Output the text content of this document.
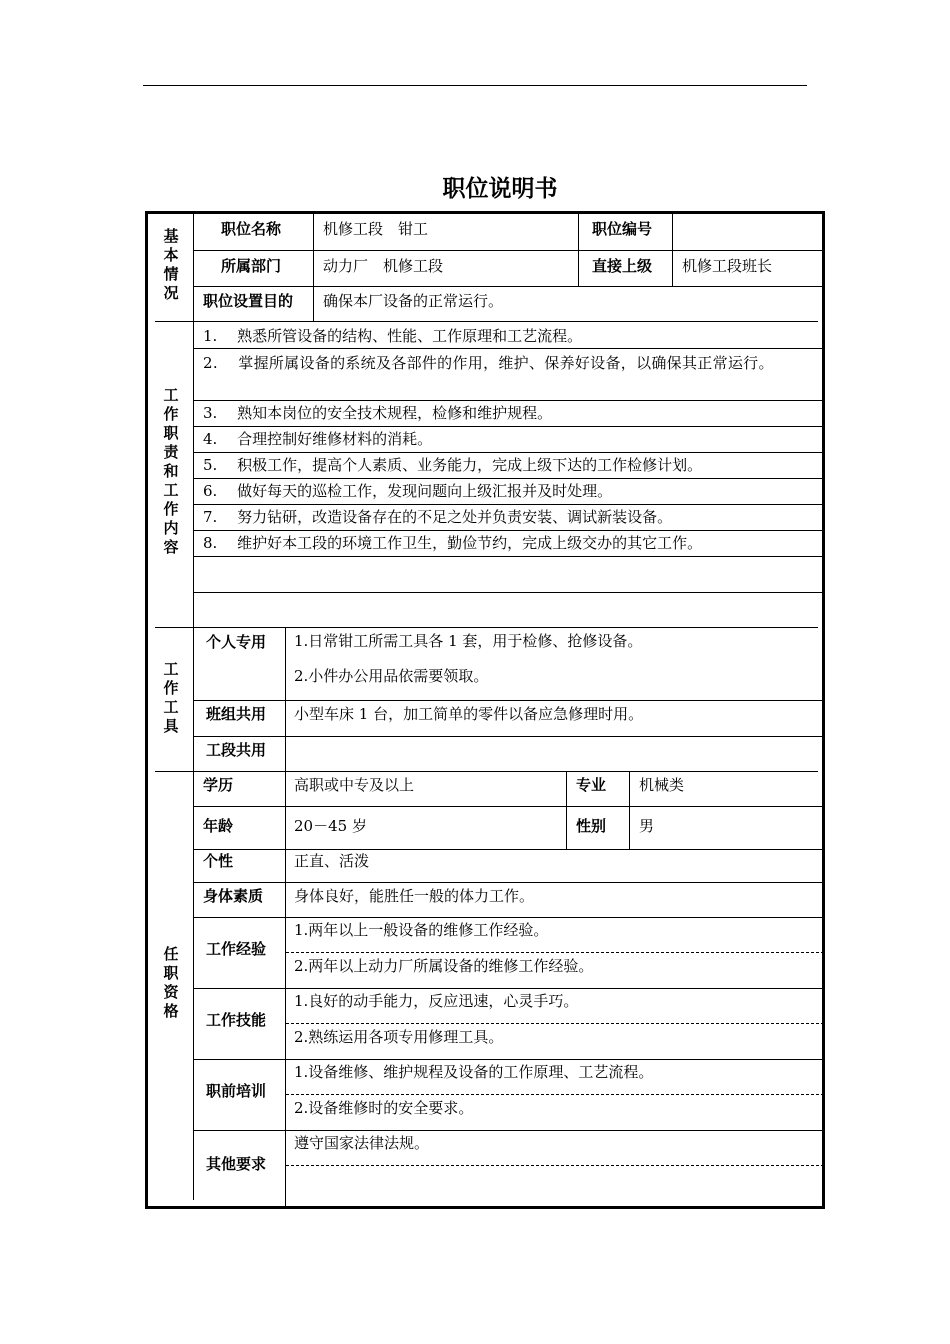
职位说明书
基本情况
工作职责和工作内容
工作工具
任职资格
职位名称	机修工段　钳工	职位编号
所属部门	动力厂　机修工段	直接上级 机修工段班长
职位设置目的 确保本厂设备的正常运行。
1.　 熟悉所管设备的结构、性能、工作原理和工艺流程。
2.　 掌握所属设备的系统及各部件的作用，维护、保养好设备，以确保其正常运行。
3.　 熟知本岗位的安全技术规程，检修和维护规程。
4.　 合理控制好维修材料的消耗。
5.　 积极工作，提高个人素质、业务能力，完成上级下达的工作检修计划。
6.　 做好每天的巡检工作，发现问题向上级汇报并及时处理。
7.　 努力钻研，改造设备存在的不足之处并负责安装、调试新装设备。
8.　 维护好本工段的环境工作卫生，勤俭节约，完成上级交办的其它工作。
个人专用 1.日常钳工所需工具各 1 套，用于检修、抢修设备。
2.小件办公用品依需要领取。
班组共用 小型车床 1 台，加工简单的零件以备应急修理时用。
工段共用
学历	高职或中专及以上	专业 机械类
年龄	20－45 岁	性别 男
个性	正直、活泼
身体素质 身体良好，能胜任一般的体力工作。
工作经验
1.两年以上一般设备的维修工作经验。
2.两年以上动力厂所属设备的维修工作经验。
工作技能
1.良好的动手能力，反应迅速，心灵手巧。
2.熟练运用各项专用修理工具。
职前培训
1.设备维修、维护规程及设备的工作原理、工艺流程。
2.设备维修时的安全要求。
其他要求
遵守国家法律法规。
